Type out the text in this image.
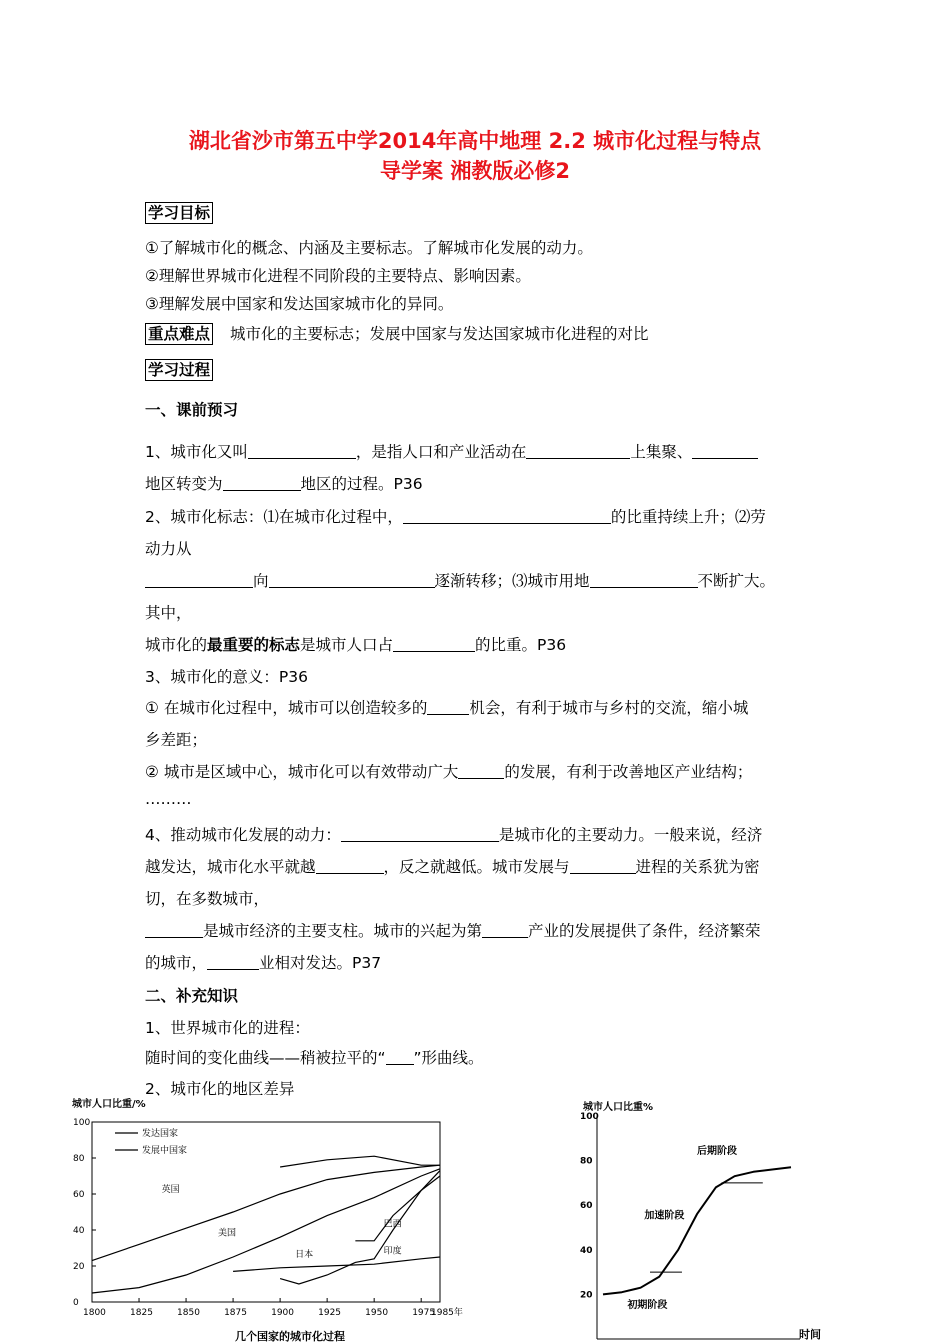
湖北省沙市第五中学2014年高中地理 2.2 城市化过程与特点
导学案 湘教版必修2
学习目标
①了解城市化的概念、内涵及主要标志。了解城市化发展的动力。
②理解世界城市化进程不同阶段的主要特点、影响因素。
③理解发展中国家和发达国家城市化的异同。
重点难点 城市化的主要标志；发展中国家与发达国家城市化进程的对比
学习过程
一、课前预习
1、城市化又叫	，是指人口和产业活动在	上集聚、
地区转变为	地区的过程。P36
2、城市化标志：⑴在城市化过程中，	的比重持续上升；⑵劳
动力从
向	逐渐转移；⑶城市用地	不断扩大。
其中，
城市化的最重要的标志是城市人口占	的比重。P36
3、城市化的意义：P36
① 在城市化过程中，城市可以创造较多的	机会，有利于城市与乡村的交流，缩小城
乡差距；
② 城市是区域中心，城市化可以有效带动广大	的发展，有利于改善地区产业结构；
………
4、推动城市化发展的动力：	是城市化的主要动力。一般来说，经济
越发达，城市化水平就越	，反之就越低。城市发展与	进程的关系犹为密
切，在多数城市，
是城市经济的主要支柱。城市的兴起为第	产业的发展提供了条件，经济繁荣
的城市，	业相对发达。P37
二、补充知识
1、世界城市化的进程：
随时间的变化曲线——稍被拉平的“ ”形曲线。
2、城市化的地区差异
城市人口比重/%
发达国家
发展中国家
1800	1825	1850	1875	1900	1925	1950	1975
1985年
0
20
40
60
80
100
英国
美国
日本
巴西
印度
几个国家的城市化过程
城市人口比重%
时间
20
40
60
80
100
初期阶段
加速阶段
后期阶段
